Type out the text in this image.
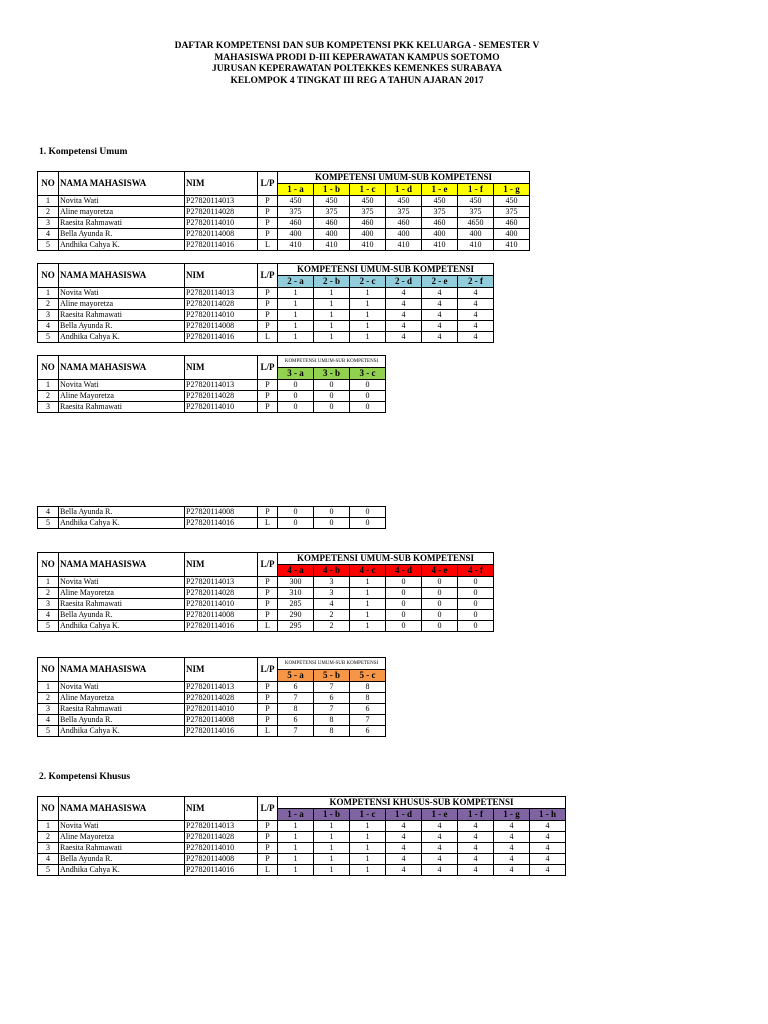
DAFTAR KOMPETENSI DAN SUB KOMPETENSI PKK KELUARGA - SEMESTER V
MAHASISWA PRODI D-III KEPERAWATAN KAMPUS SOETOMO
JURUSAN KEPERAWATAN POLTEKKES KEMENKES SURABAYA
KELOMPOK 4 TINGKAT III REG A TAHUN AJARAN 2017
1. Kompetensi Umum
NO	NAMA MAHASISWA	NIM	L/P	KOMPETENSI UMUM-SUB KOMPETENSI						
				1 - a	1 - b	1 - c	1 - d	1 - e	1 - f	1 - g
1	Novita Wati	P27820114013	P	450	450	450	450	450	450	450
2	Aline mayoretza	P27820114028	P	375	375	375	375	375	375	375
3	Raesita Rahmawati	P27820114010	P	460	460	460	460	460	4650	460
4	Bella Ayunda R.	P27820114008	P	400	400	400	400	400	400	400
5	Andhika Cahya K.	P27820114016	L	410	410	410	410	410	410	410
NO	NAMA MAHASISWA	NIM	L/P	KOMPETENSI UMUM-SUB KOMPETENSI					
				2 - a	2 - b	2 - c	2 - d	2 - e	2 - f
1	Novita Wati	P27820114013	P	1	1	1	4	4	4
2	Aline mayoretza	P27820114028	P	1	1	1	4	4	4
3	Raesita Rahmawati	P27820114010	P	1	1	1	4	4	4
4	Bella Ayunda R.	P27820114008	P	1	1	1	4	4	4
5	Andhika Cahya K.	P27820114016	L	1	1	1	4	4	4
NO	NAMA MAHASISWA	NIM	L/P	KOMPETENSI UMUM-SUB KOMPETENSI		
				3 - a	3 - b	3 - c
1	Novita Wati	P27820114013	P	0	0	0
2	Aline Mayoretza	P27820114028	P	0	0	0
3	Raesita Rahmawati	P27820114010	P	0	0	0
4	Bella Ayunda R.	P27820114008	P	0	0	0
5	Andhika Cahya K.	P27820114016	L	0	0	0
NO	NAMA MAHASISWA	NIM	L/P	KOMPETENSI UMUM-SUB KOMPETENSI					
				4 - a	4 - b	4 - c	4 - d	4 - e	4 - f
1	Novita Wati	P27820114013	P	300	3	1	0	0	0
2	Aline Mayoretza	P27820114028	P	310	3	1	0	0	0
3	Raesita Rahmawati	P27820114010	P	285	4	1	0	0	0
4	Bella Ayunda R.	P27820114008	P	290	2	1	0	0	0
5	Andhika Cahya K.	P27820114016	L	295	2	1	0	0	0
NO	NAMA MAHASISWA	NIM	L/P	KOMPETENSI UMUM-SUB KOMPETENSI		
				5 - a	5 - b	5 - c
1	Novita Wati	P27820114013	P	6	7	8
2	Aline Mayoretza	P27820114028	P	7	6	8
3	Raesita Rahmawati	P27820114010	P	8	7	6
4	Bella Ayunda R.	P27820114008	P	6	8	7
5	Andhika Cahya K.	P27820114016	L	7	8	6
2. Kompetensi Khusus
NO	NAMA MAHASISWA	NIM	L/P	KOMPETENSI KHUSUS-SUB KOMPETENSI							
				1 - a	1 - b	1 - c	1 - d	1 - e	1 - f	1 - g	1 - h
1	Novita Wati	P27820114013	P	1	1	1	4	4	4	4	4
2	Aline Mayoretza	P27820114028	P	1	1	1	4	4	4	4	4
3	Raesita Rahmawati	P27820114010	P	1	1	1	4	4	4	4	4
4	Bella Ayunda R.	P27820114008	P	1	1	1	4	4	4	4	4
5	Andhika Cahya K.	P27820114016	L	1	1	1	4	4	4	4	4
